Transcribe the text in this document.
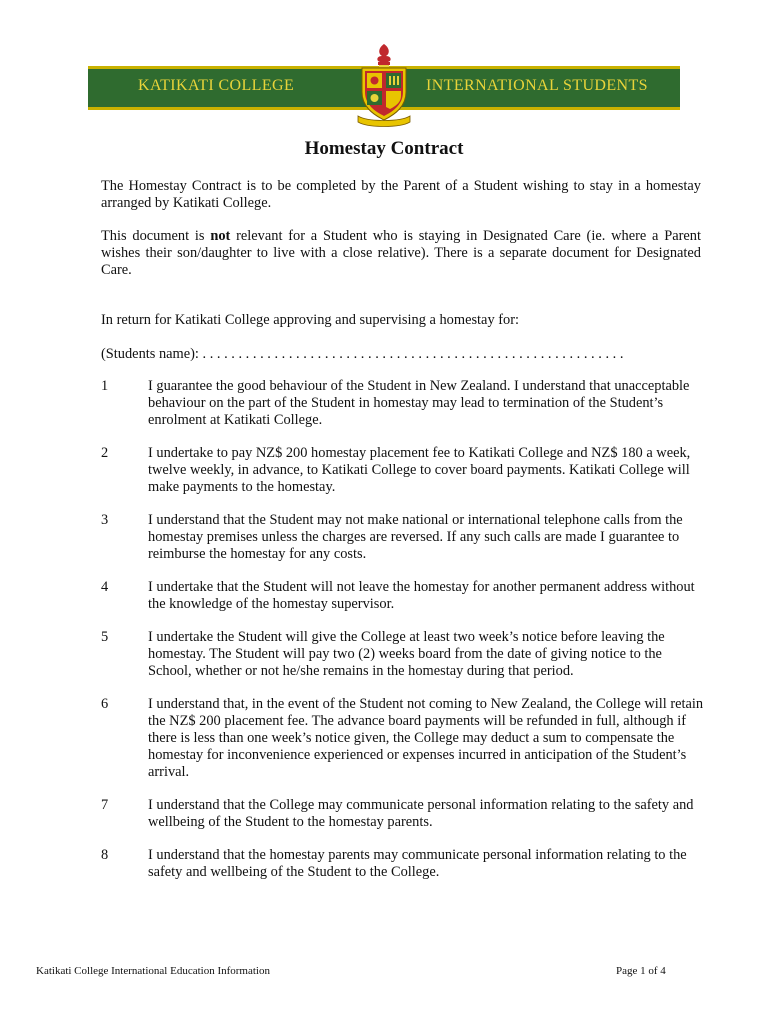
KATIKATI COLLEGE	INTERNATIONAL STUDENTS
Homestay Contract
The Homestay Contract is to be completed by the Parent of a Student wishing to stay in a homestay arranged by Katikati College.
This document is not relevant for a Student who is staying in Designated Care (ie. where a Parent wishes their son/daughter to live with a close relative). There is a separate document for Designated Care.
In return for Katikati College approving and supervising a homestay for:
(Students name): . . . . . . . . . . . . . . . . . . . . . . . . . . . . . . . . . . . . . . . . . . . . . . . . . . . . . . . . . . .
1	I guarantee the good behaviour of the Student in New Zealand. I understand that unacceptable behaviour on the part of the Student in homestay may lead to termination of the Student’s enrolment at Katikati College.
2	I undertake to pay NZ$ 200 homestay placement fee to Katikati College and NZ$ 180 a week, twelve weekly, in advance, to Katikati College to cover board payments. Katikati College will make payments to the homestay.
3	I understand that the Student may not make national or international telephone calls from the homestay premises unless the charges are reversed. If any such calls are made I guarantee to reimburse the homestay for any costs.
4	I undertake that the Student will not leave the homestay for another permanent address without the knowledge of the homestay supervisor.
5	I undertake the Student will give the College at least two week’s notice before leaving the homestay. The Student will pay two (2) weeks board from the date of giving notice to the School, whether or not he/she remains in the homestay during that period.
6	I understand that, in the event of the Student not coming to New Zealand, the College will retain the NZ$ 200 placement fee. The advance board payments will be refunded in full, although if there is less than one week’s notice given, the College may deduct a sum to compensate the homestay for inconvenience experienced or expenses incurred in anticipation of the Student’s arrival.
7	I understand that the College may communicate personal information relating to the safety and wellbeing of the Student to the homestay parents.
8	I understand that the homestay parents may communicate personal information relating to the safety and wellbeing of the Student to the College.
Katikati College International Education Information	Page 1 of 4
